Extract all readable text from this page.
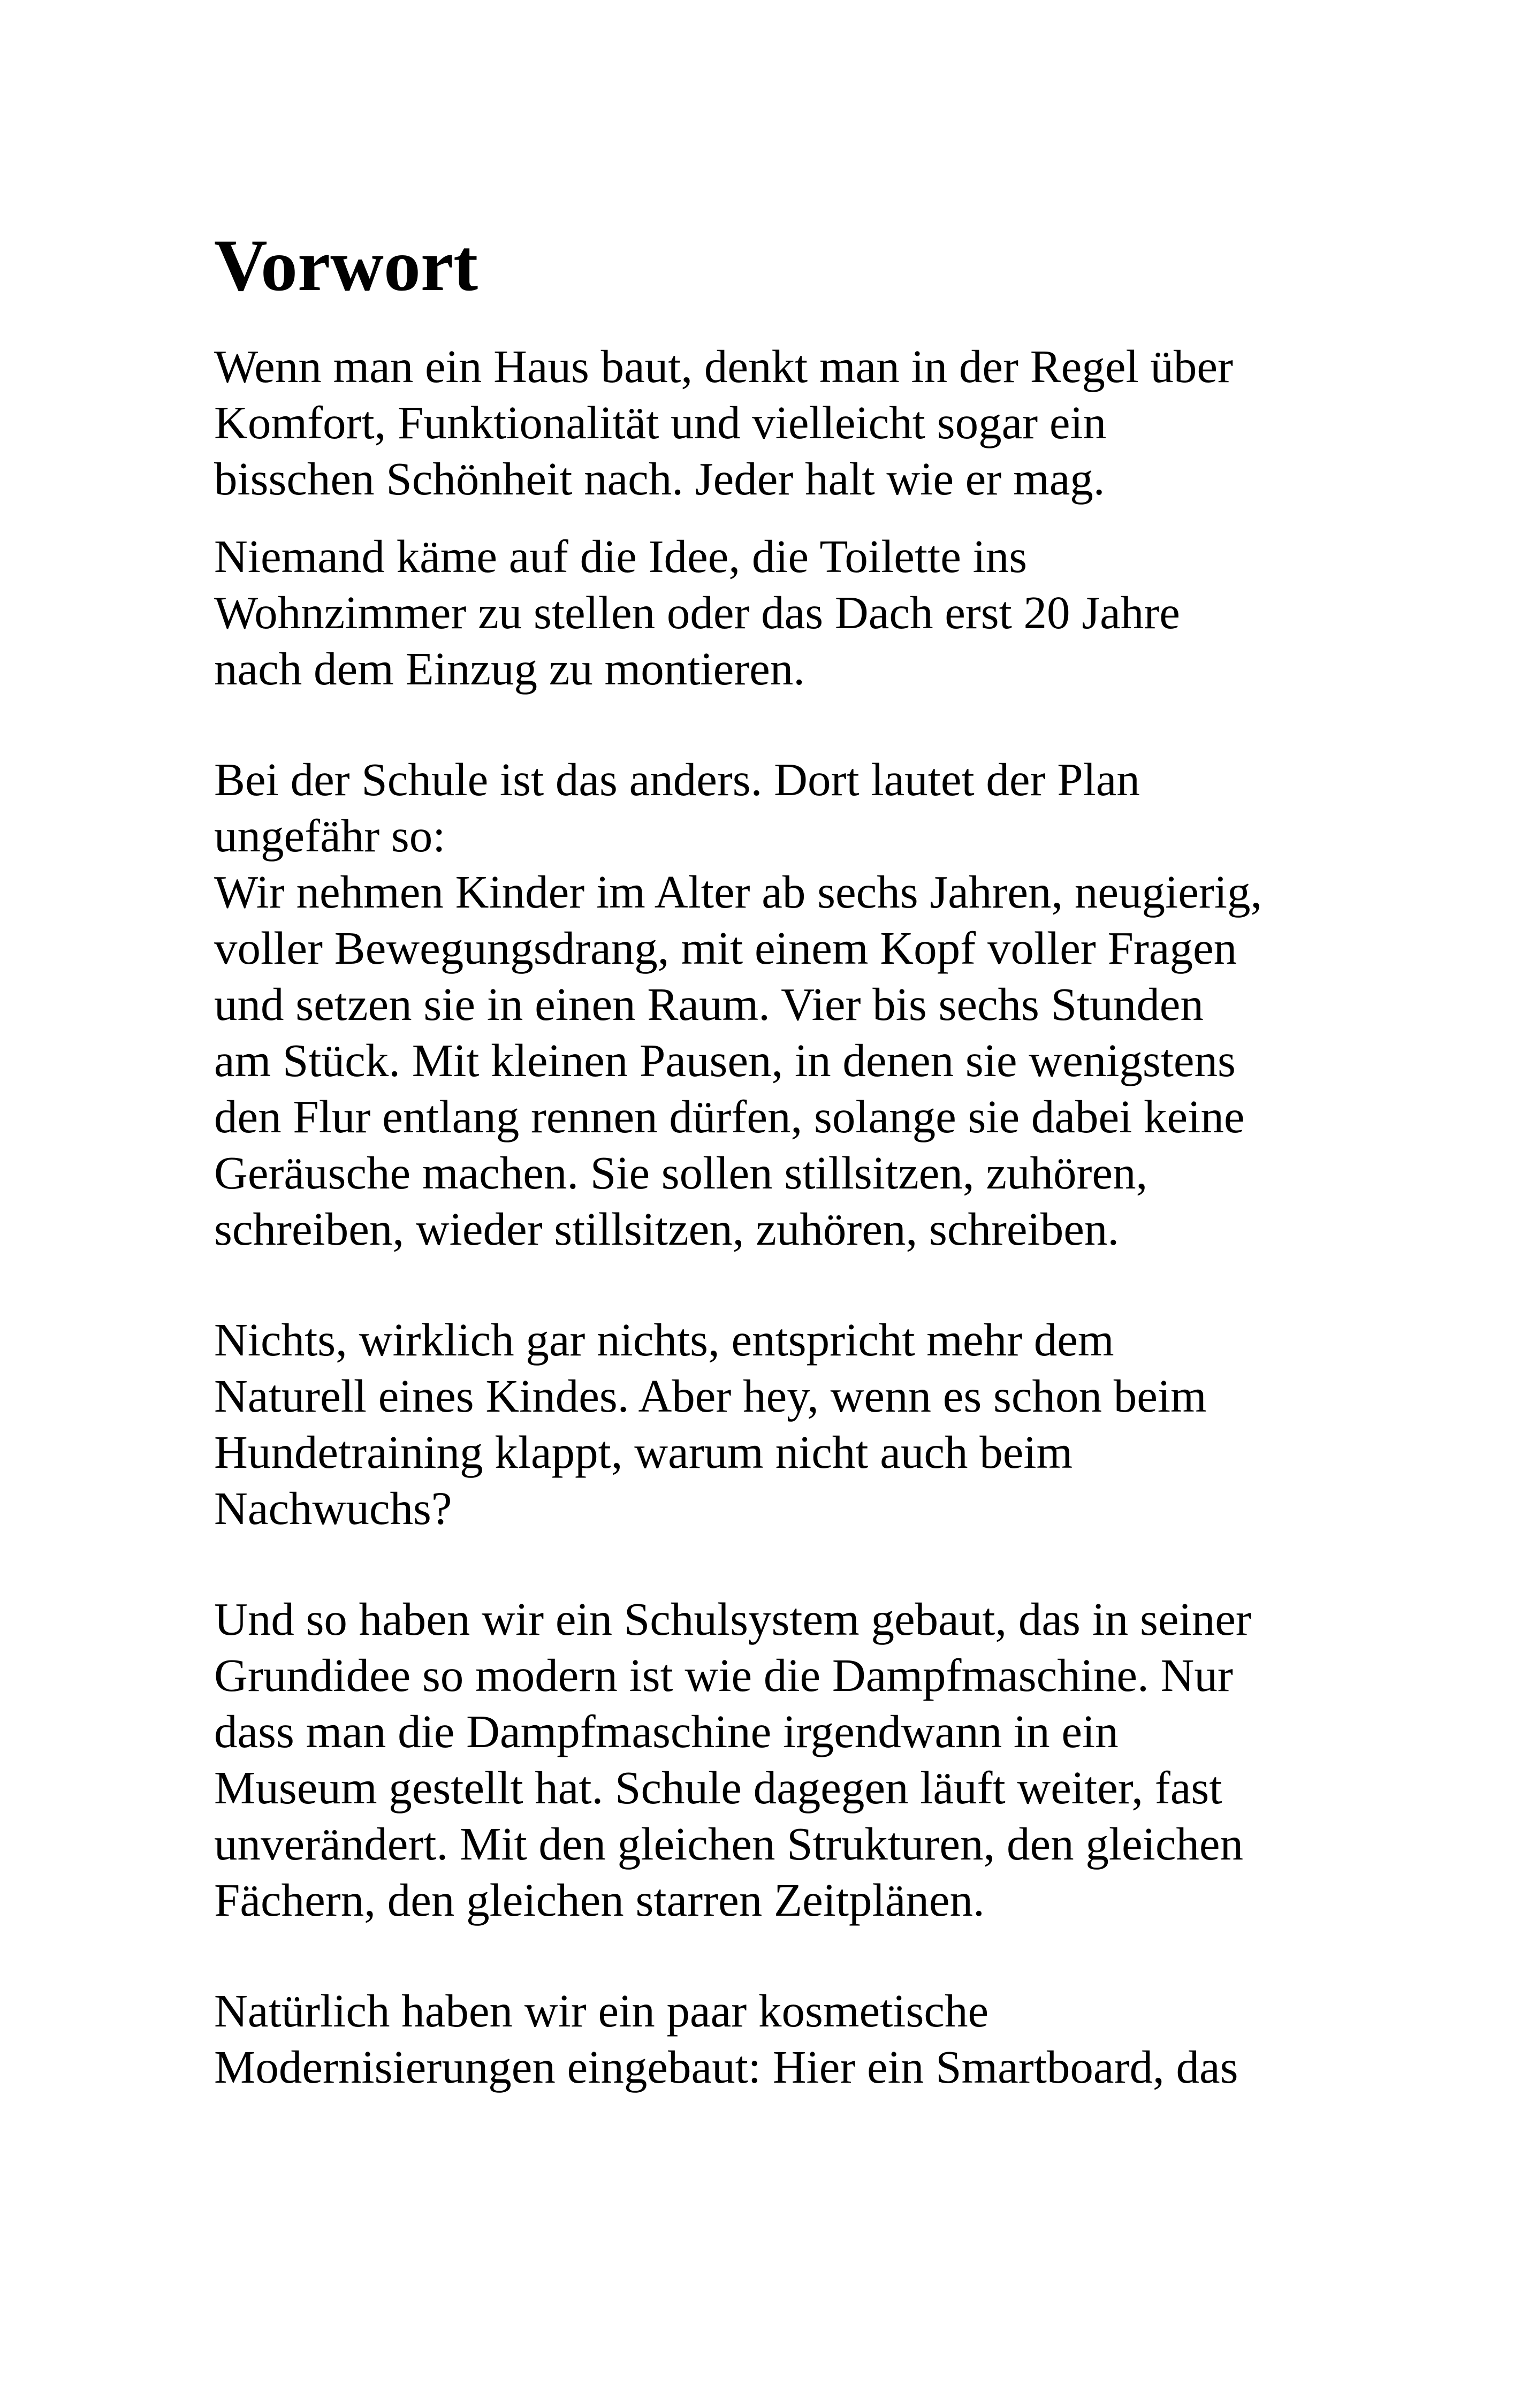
Vorwort

Wenn man ein Haus baut, denkt man in der Regel über
Komfort, Funktionalität und vielleicht sogar ein
bisschen Schönheit nach. Jeder halt wie er mag.

Niemand käme auf die Idee, die Toilette ins
Wohnzimmer zu stellen oder das Dach erst 20 Jahre
nach dem Einzug zu montieren.

Bei der Schule ist das anders. Dort lautet der Plan
ungefähr so:
Wir nehmen Kinder im Alter ab sechs Jahren, neugierig,
voller Bewegungsdrang, mit einem Kopf voller Fragen
und setzen sie in einen Raum. Vier bis sechs Stunden
am Stück. Mit kleinen Pausen, in denen sie wenigstens
den Flur entlang rennen dürfen, solange sie dabei keine
Geräusche machen. Sie sollen stillsitzen, zuhören,
schreiben, wieder stillsitzen, zuhören, schreiben.

Nichts, wirklich gar nichts, entspricht mehr dem
Naturell eines Kindes. Aber hey, wenn es schon beim
Hundetraining klappt, warum nicht auch beim
Nachwuchs?

Und so haben wir ein Schulsystem gebaut, das in seiner
Grundidee so modern ist wie die Dampfmaschine. Nur
dass man die Dampfmaschine irgendwann in ein
Museum gestellt hat. Schule dagegen läuft weiter, fast
unverändert. Mit den gleichen Strukturen, den gleichen
Fächern, den gleichen starren Zeitplänen.

Natürlich haben wir ein paar kosmetische
Modernisierungen eingebaut: Hier ein Smartboard, das
